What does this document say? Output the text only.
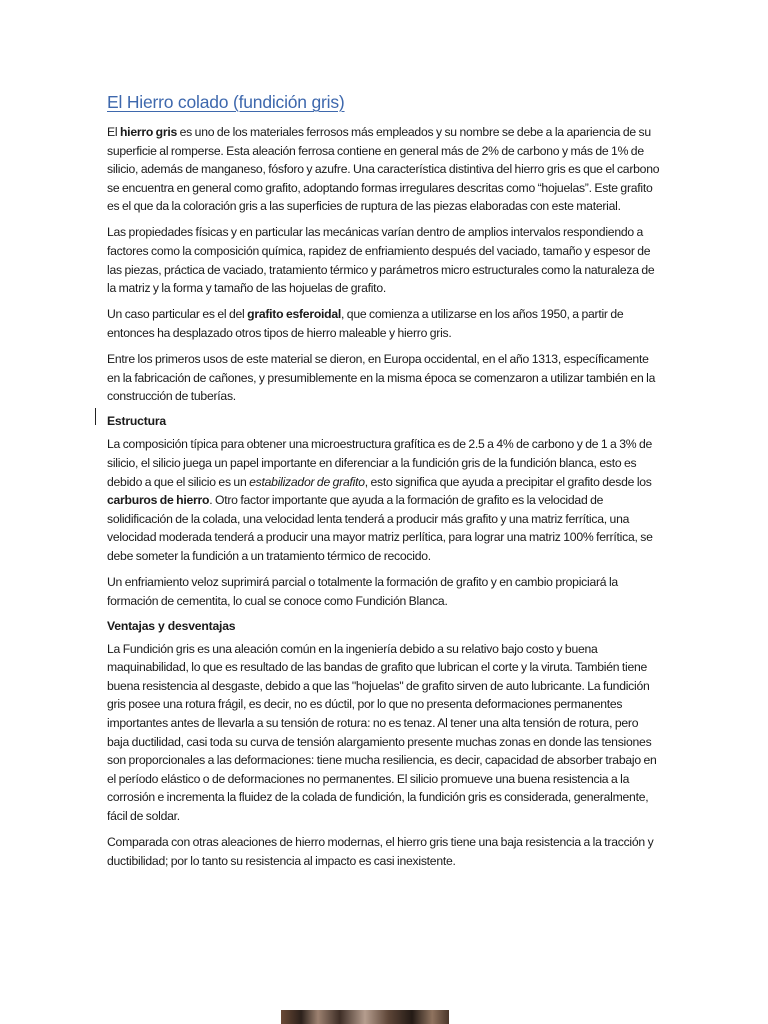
El Hierro colado (fundición gris)

El hierro gris es uno de los materiales ferrosos más empleados y su nombre se debe a la apariencia de su superficie al romperse. Esta aleación ferrosa contiene en general más de 2% de carbono y más de 1% de silicio, además de manganeso, fósforo y azufre. Una característica distintiva del hierro gris es que el carbono se encuentra en general como grafito, adoptando formas irregulares descritas como “hojuelas”. Este grafito es el que da la coloración gris a las superficies de ruptura de las piezas elaboradas con este material.

Las propiedades físicas y en particular las mecánicas varían dentro de amplios intervalos respondiendo a factores como la composición química, rapidez de enfriamiento después del vaciado, tamaño y espesor de las piezas, práctica de vaciado, tratamiento térmico y parámetros micro estructurales como la naturaleza de la matriz y la forma y tamaño de las hojuelas de grafito.

Un caso particular es el del grafito esferoidal, que comienza a utilizarse en los años 1950, a partir de entonces ha desplazado otros tipos de hierro maleable y hierro gris.

Entre los primeros usos de este material se dieron, en Europa occidental, en el año 1313, específicamente en la fabricación de cañones, y presumiblemente en la misma época se comenzaron a utilizar también en la construcción de tuberías.

Estructura

La composición típica para obtener una microestructura grafítica es de 2.5 a 4% de carbono y de 1 a 3% de silicio, el silicio juega un papel importante en diferenciar a la fundición gris de la fundición blanca, esto es debido a que el silicio es un estabilizador de grafito, esto significa que ayuda a precipitar el grafito desde los carburos de hierro. Otro factor importante que ayuda a la formación de grafito es la velocidad de solidificación de la colada, una velocidad lenta tenderá a producir más grafito y una matriz ferrítica, una velocidad moderada tenderá a producir una mayor matriz perlítica, para lograr una matriz 100% ferrítica, se debe someter la fundición a un tratamiento térmico de recocido.

Un enfriamiento veloz suprimirá parcial o totalmente la formación de grafito y en cambio propiciará la formación de cementita, lo cual se conoce como Fundición Blanca.

Ventajas y desventajas

La Fundición gris es una aleación común en la ingeniería debido a su relativo bajo costo y buena maquinabilidad, lo que es resultado de las bandas de grafito que lubrican el corte y la viruta. También tiene buena resistencia al desgaste, debido a que las "hojuelas" de grafito sirven de auto lubricante. La fundición gris posee una rotura frágil, es decir, no es dúctil, por lo que no presenta deformaciones permanentes importantes antes de llevarla a su tensión de rotura: no es tenaz. Al tener una alta tensión de rotura, pero baja ductilidad, casi toda su curva de tensión alargamiento presente muchas zonas en donde las tensiones son proporcionales a las deformaciones: tiene mucha resiliencia, es decir, capacidad de absorber trabajo en el período elástico o de deformaciones no permanentes. El silicio promueve una buena resistencia a la corrosión e incrementa la fluidez de la colada de fundición, la fundición gris es considerada, generalmente, fácil de soldar.

Comparada con otras aleaciones de hierro modernas, el hierro gris tiene una baja resistencia a la tracción y ductibilidad; por lo tanto su resistencia al impacto es casi inexistente.
